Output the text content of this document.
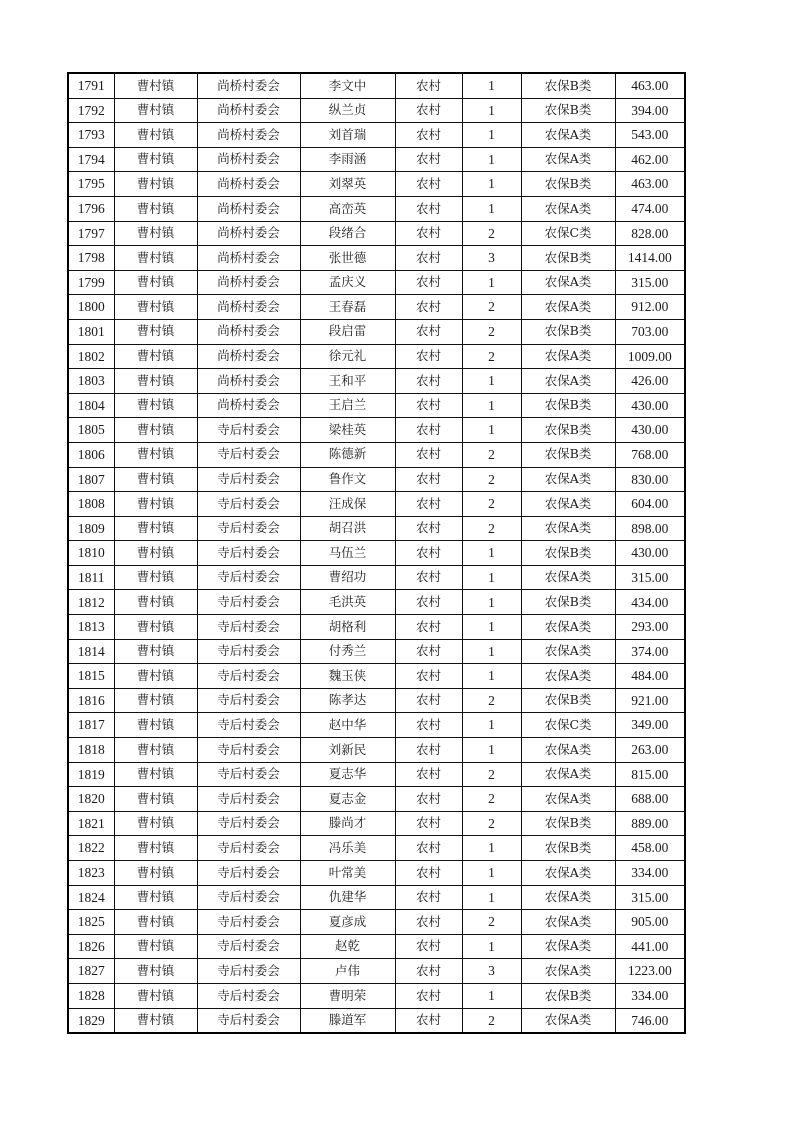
1791	曹村镇	尚桥村委会	李文中	农村	1	农保B类	463.00
1792	曹村镇	尚桥村委会	纵兰贞	农村	1	农保B类	394.00
1793	曹村镇	尚桥村委会	刘首瑞	农村	1	农保A类	543.00
1794	曹村镇	尚桥村委会	李雨涵	农村	1	农保A类	462.00
1795	曹村镇	尚桥村委会	刘翠英	农村	1	农保B类	463.00
1796	曹村镇	尚桥村委会	高峦英	农村	1	农保A类	474.00
1797	曹村镇	尚桥村委会	段绪合	农村	2	农保C类	828.00
1798	曹村镇	尚桥村委会	张世德	农村	3	农保B类	1414.00
1799	曹村镇	尚桥村委会	孟庆义	农村	1	农保A类	315.00
1800	曹村镇	尚桥村委会	王春磊	农村	2	农保A类	912.00
1801	曹村镇	尚桥村委会	段启雷	农村	2	农保B类	703.00
1802	曹村镇	尚桥村委会	徐元礼	农村	2	农保A类	1009.00
1803	曹村镇	尚桥村委会	王和平	农村	1	农保A类	426.00
1804	曹村镇	尚桥村委会	王启兰	农村	1	农保B类	430.00
1805	曹村镇	寺后村委会	梁桂英	农村	1	农保B类	430.00
1806	曹村镇	寺后村委会	陈德新	农村	2	农保B类	768.00
1807	曹村镇	寺后村委会	鲁作文	农村	2	农保A类	830.00
1808	曹村镇	寺后村委会	汪成保	农村	2	农保A类	604.00
1809	曹村镇	寺后村委会	胡召洪	农村	2	农保A类	898.00
1810	曹村镇	寺后村委会	马伍兰	农村	1	农保B类	430.00
1811	曹村镇	寺后村委会	曹绍功	农村	1	农保A类	315.00
1812	曹村镇	寺后村委会	毛洪英	农村	1	农保B类	434.00
1813	曹村镇	寺后村委会	胡格利	农村	1	农保A类	293.00
1814	曹村镇	寺后村委会	付秀兰	农村	1	农保A类	374.00
1815	曹村镇	寺后村委会	魏玉侠	农村	1	农保A类	484.00
1816	曹村镇	寺后村委会	陈孝达	农村	2	农保B类	921.00
1817	曹村镇	寺后村委会	赵中华	农村	1	农保C类	349.00
1818	曹村镇	寺后村委会	刘新民	农村	1	农保A类	263.00
1819	曹村镇	寺后村委会	夏志华	农村	2	农保A类	815.00
1820	曹村镇	寺后村委会	夏志金	农村	2	农保A类	688.00
1821	曹村镇	寺后村委会	滕尚才	农村	2	农保B类	889.00
1822	曹村镇	寺后村委会	冯乐美	农村	1	农保B类	458.00
1823	曹村镇	寺后村委会	叶常美	农村	1	农保A类	334.00
1824	曹村镇	寺后村委会	仇建华	农村	1	农保A类	315.00
1825	曹村镇	寺后村委会	夏彦成	农村	2	农保A类	905.00
1826	曹村镇	寺后村委会	赵乾	农村	1	农保A类	441.00
1827	曹村镇	寺后村委会	卢伟	农村	3	农保A类	1223.00
1828	曹村镇	寺后村委会	曹明荣	农村	1	农保B类	334.00
1829	曹村镇	寺后村委会	滕道军	农村	2	农保A类	746.00
